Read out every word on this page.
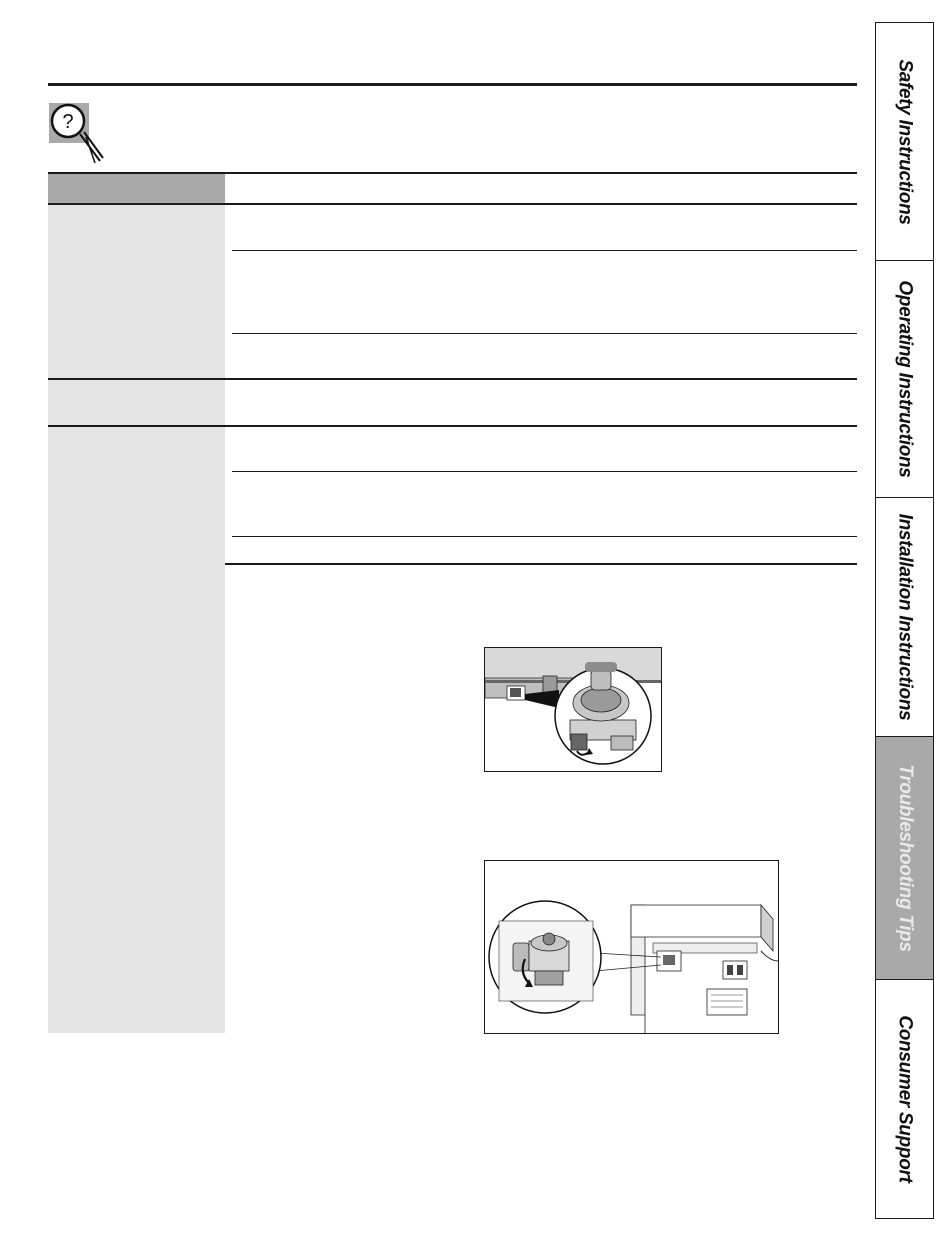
?	Safety Instructions
Operating Instructions
Installation Instructions
Troubleshooting Tips
Consumer Support
